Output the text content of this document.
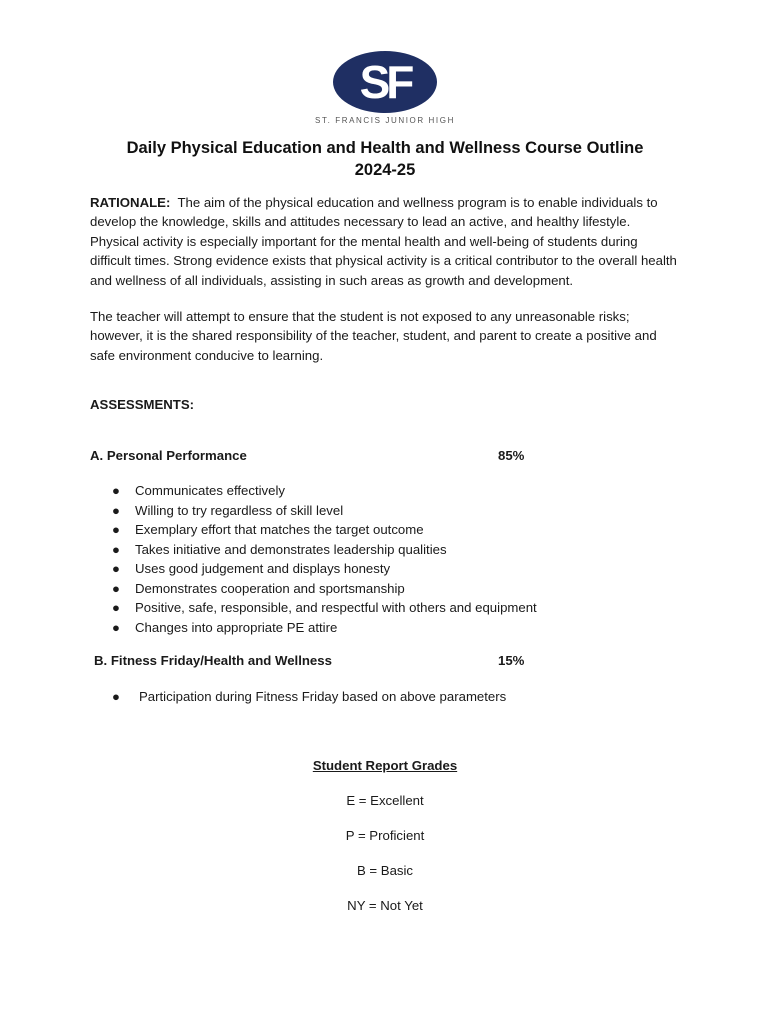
SF
ST. FRANCIS JUNIOR HIGH
Daily Physical Education and Health and Wellness Course Outline
2024-25
RATIONALE: The aim of the physical education and wellness program is to enable individuals to develop the knowledge, skills and attitudes necessary to lead an active, and healthy lifestyle. Physical activity is especially important for the mental health and well-being of students during difficult times. Strong evidence exists that physical activity is a critical contributor to the overall health and wellness of all individuals, assisting in such areas as growth and development.
The teacher will attempt to ensure that the student is not exposed to any unreasonable risks; however, it is the shared responsibility of the teacher, student, and parent to create a positive and safe environment conducive to learning.
ASSESSMENTS:
A. Personal Performance	85%
● Communicates effectively
● Willing to try regardless of skill level
● Exemplary effort that matches the target outcome
● Takes initiative and demonstrates leadership qualities
● Uses good judgement and displays honesty
● Demonstrates cooperation and sportsmanship
● Positive, safe, responsible, and respectful with others and equipment
● Changes into appropriate PE attire
B. Fitness Friday/Health and Wellness	15%
● Participation during Fitness Friday based on above parameters
Student Report Grades
E = Excellent
P = Proficient
B = Basic
NY = Not Yet
